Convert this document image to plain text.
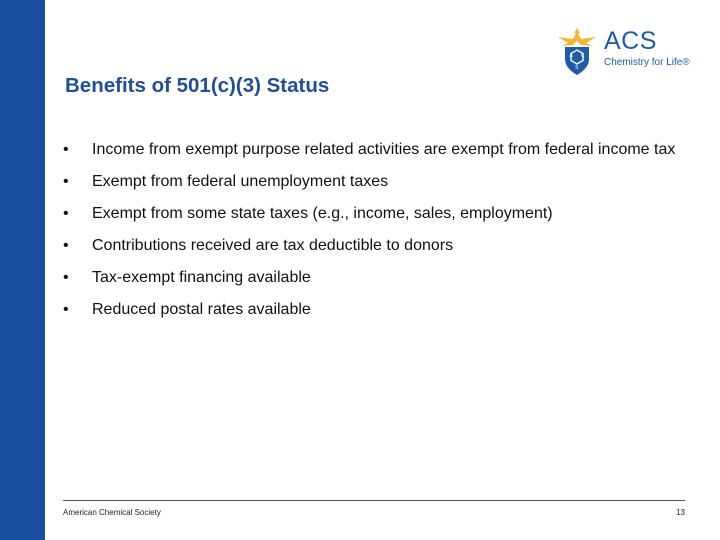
A C
S
ACS
Chemistry for Life®
Benefits of 501(c)(3) Status
• Income from exempt purpose related activities are exempt from federal income tax
• Exempt from federal unemployment taxes
• Exempt from some state taxes (e.g., income, sales, employment)
• Contributions received are tax deductible to donors
• Tax-exempt financing available
• Reduced postal rates available
American Chemical Society	13
